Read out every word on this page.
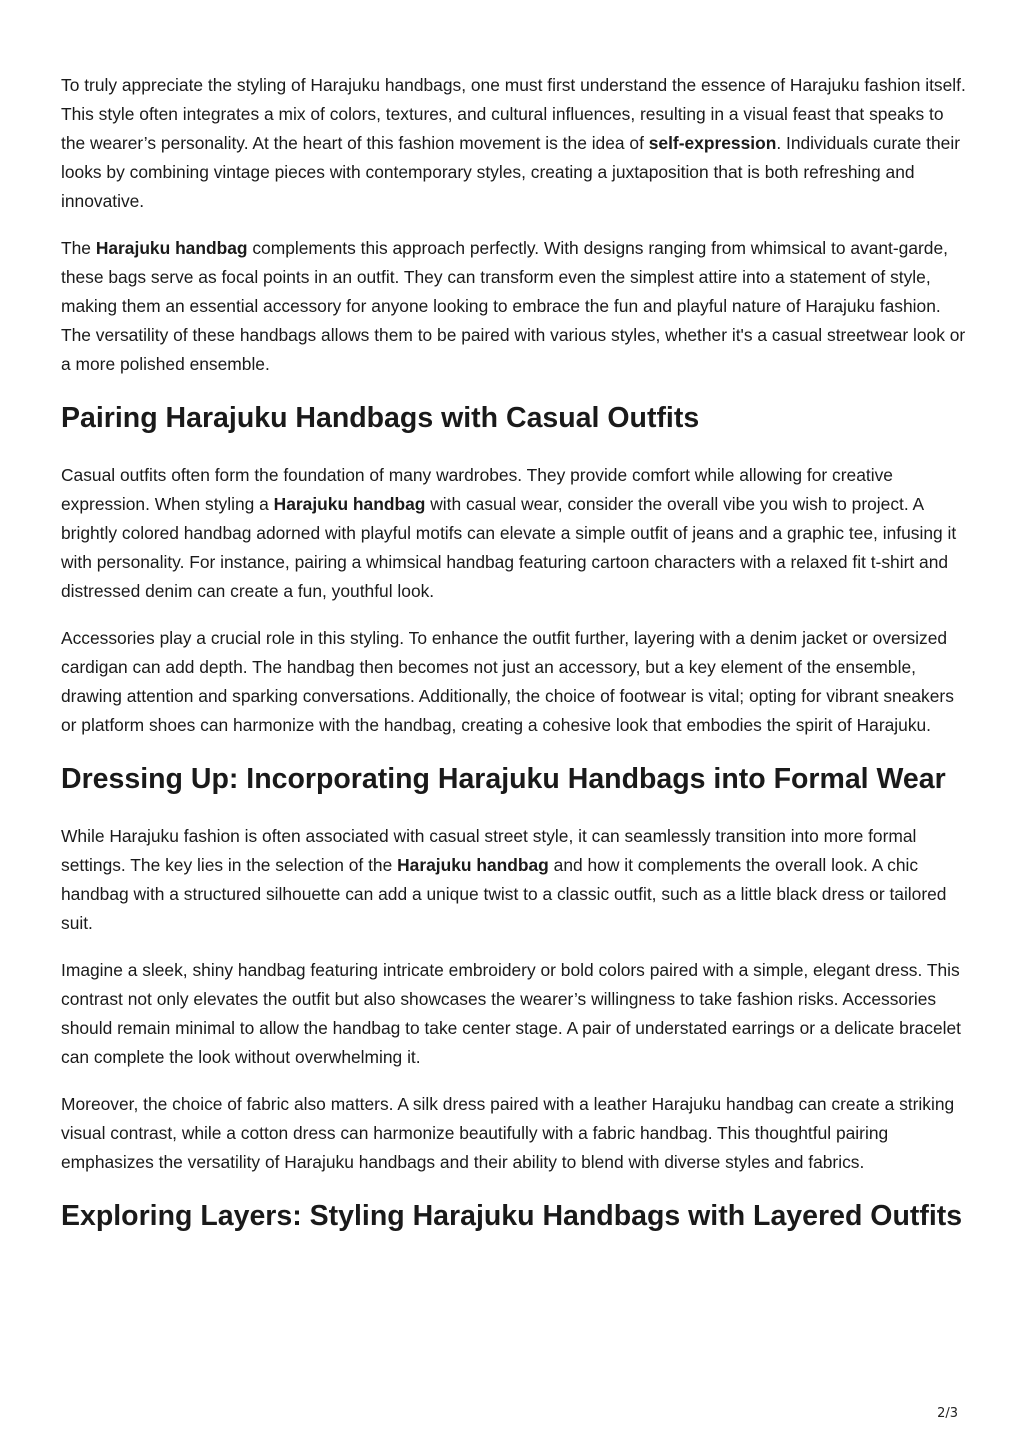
To truly appreciate the styling of Harajuku handbags, one must first understand the essence of Harajuku fashion itself. This style often integrates a mix of colors, textures, and cultural influences, resulting in a visual feast that speaks to the wearer’s personality. At the heart of this fashion movement is the idea of self-expression. Individuals curate their looks by combining vintage pieces with contemporary styles, creating a juxtaposition that is both refreshing and innovative.

The Harajuku handbag complements this approach perfectly. With designs ranging from whimsical to avant-garde, these bags serve as focal points in an outfit. They can transform even the simplest attire into a statement of style, making them an essential accessory for anyone looking to embrace the fun and playful nature of Harajuku fashion. The versatility of these handbags allows them to be paired with various styles, whether it's a casual streetwear look or a more polished ensemble.

Pairing Harajuku Handbags with Casual Outfits

Casual outfits often form the foundation of many wardrobes. They provide comfort while allowing for creative expression. When styling a Harajuku handbag with casual wear, consider the overall vibe you wish to project. A brightly colored handbag adorned with playful motifs can elevate a simple outfit of jeans and a graphic tee, infusing it with personality. For instance, pairing a whimsical handbag featuring cartoon characters with a relaxed fit t-shirt and distressed denim can create a fun, youthful look.

Accessories play a crucial role in this styling. To enhance the outfit further, layering with a denim jacket or oversized cardigan can add depth. The handbag then becomes not just an accessory, but a key element of the ensemble, drawing attention and sparking conversations. Additionally, the choice of footwear is vital; opting for vibrant sneakers or platform shoes can harmonize with the handbag, creating a cohesive look that embodies the spirit of Harajuku.

Dressing Up: Incorporating Harajuku Handbags into Formal Wear

While Harajuku fashion is often associated with casual street style, it can seamlessly transition into more formal settings. The key lies in the selection of the Harajuku handbag and how it complements the overall look. A chic handbag with a structured silhouette can add a unique twist to a classic outfit, such as a little black dress or tailored suit.

Imagine a sleek, shiny handbag featuring intricate embroidery or bold colors paired with a simple, elegant dress. This contrast not only elevates the outfit but also showcases the wearer’s willingness to take fashion risks. Accessories should remain minimal to allow the handbag to take center stage. A pair of understated earrings or a delicate bracelet can complete the look without overwhelming it.

Moreover, the choice of fabric also matters. A silk dress paired with a leather Harajuku handbag can create a striking visual contrast, while a cotton dress can harmonize beautifully with a fabric handbag. This thoughtful pairing emphasizes the versatility of Harajuku handbags and their ability to blend with diverse styles and fabrics.

Exploring Layers: Styling Harajuku Handbags with Layered Outfits
2/3
